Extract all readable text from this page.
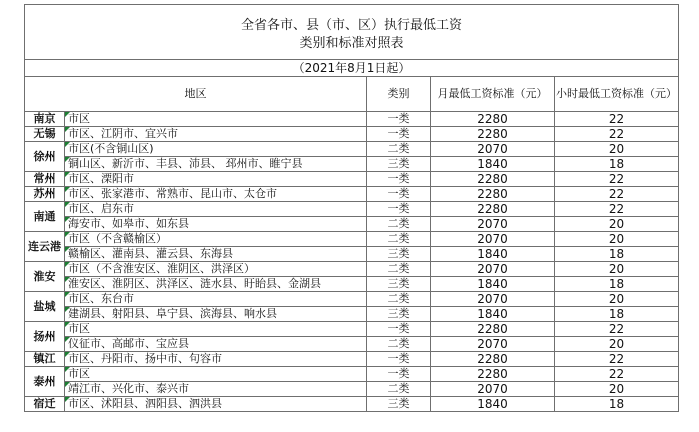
全省各市、县（市、区）执行最低工资				
类别和标准对照表				
（2021年8月1日起）				
地区		类别	月最低工资标准（元）	小时最低工资标准（元）
南京	市区	一类	2280	22
无锡	市区、江阴市、宜兴市	一类	2280	22
徐州	市区(不含铜山区)	二类	2070	20
	铜山区、新沂市、丰县、沛县、 邳州市、睢宁县	三类	1840	18
常州	市区、溧阳市	一类	2280	22
苏州	市区、张家港市、常熟市、昆山市、太仓市	一类	2280	22
南通	市区、启东市	一类	2280	22
	海安市、如皋市、如东县	二类	2070	20
连云港	市区（不含赣榆区）	二类	2070	20
	赣榆区、灌南县、灌云县、东海县	三类	1840	18
淮安	市区（不含淮安区、淮阴区、洪泽区）	二类	2070	20
	淮安区、淮阴区、洪泽区、涟水县、盱眙县、金湖县	三类	1840	18
盐城	市区、东台市	二类	2070	20
	建湖县、射阳县、阜宁县、滨海县、响水县	三类	1840	18
扬州	市区	一类	2280	22
	仪征市、高邮市、宝应县	二类	2070	20
镇江	市区、丹阳市、扬中市、句容市	一类	2280	22
泰州	市区	一类	2280	22
	靖江市、兴化市、泰兴市	二类	2070	20
宿迁	市区、沭阳县、泗阳县、泗洪县	三类	1840	18
